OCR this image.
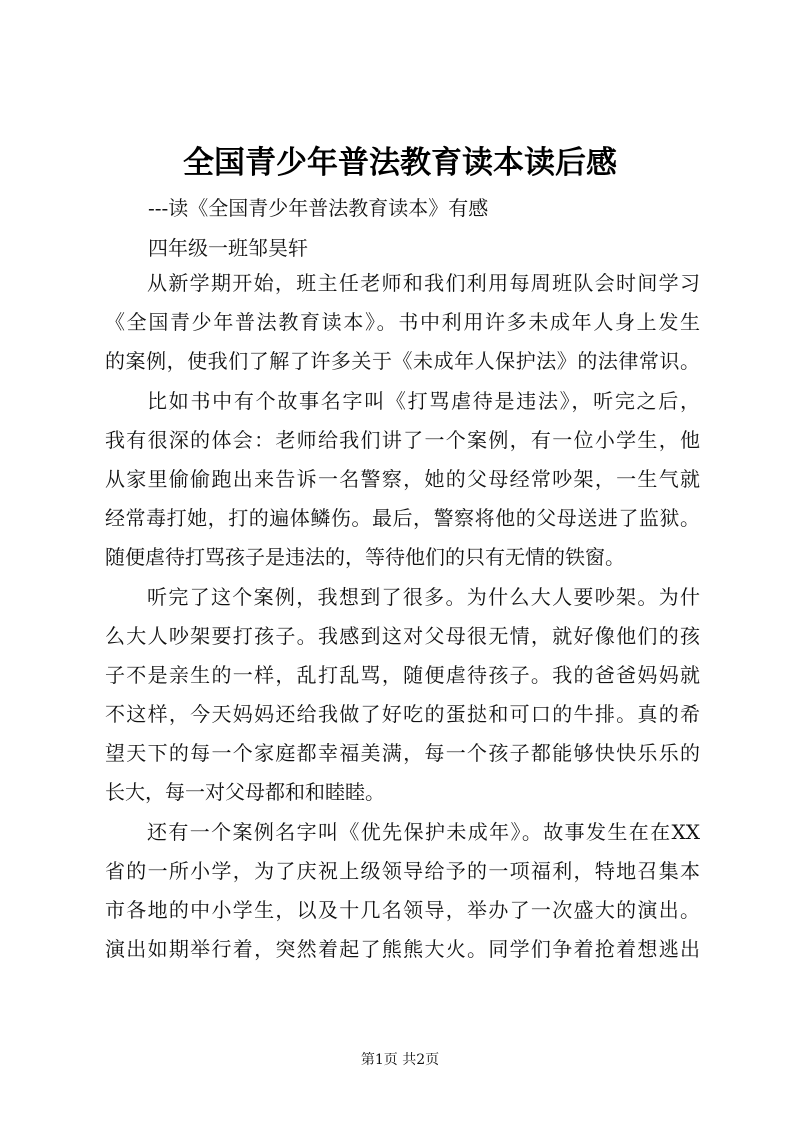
全国青少年普法教育读本读后感
---读《全国青少年普法教育读本》有感
四年级一班邹昊轩
从新学期开始，班主任老师和我们利用每周班队会时间学习
《全国青少年普法教育读本》。书中利用许多未成年人身上发生
的案例，使我们了解了许多关于《未成年人保护法》的法律常识。
比如书中有个故事名字叫《打骂虐待是违法》，听完之后，
我有很深的体会：老师给我们讲了一个案例，有一位小学生，他
从家里偷偷跑出来告诉一名警察，她的父母经常吵架，一生气就
经常毒打她，打的遍体鳞伤。最后，警察将他的父母送进了监狱。
随便虐待打骂孩子是违法的，等待他们的只有无情的铁窗。
听完了这个案例，我想到了很多。为什么大人要吵架。为什
么大人吵架要打孩子。我感到这对父母很无情，就好像他们的孩
子不是亲生的一样，乱打乱骂，随便虐待孩子。我的爸爸妈妈就
不这样，今天妈妈还给我做了好吃的蛋挞和可口的牛排。真的希
望天下的每一个家庭都幸福美满，每一个孩子都能够快快乐乐的
长大，每一对父母都和和睦睦。
还有一个案例名字叫《优先保护未成年》。故事发生在在XX
省的一所小学，为了庆祝上级领导给予的一项福利，特地召集本
市各地的中小学生，以及十几名领导，举办了一次盛大的演出。
演出如期举行着，突然着起了熊熊大火。同学们争着抢着想逃出
第1页 共2页
